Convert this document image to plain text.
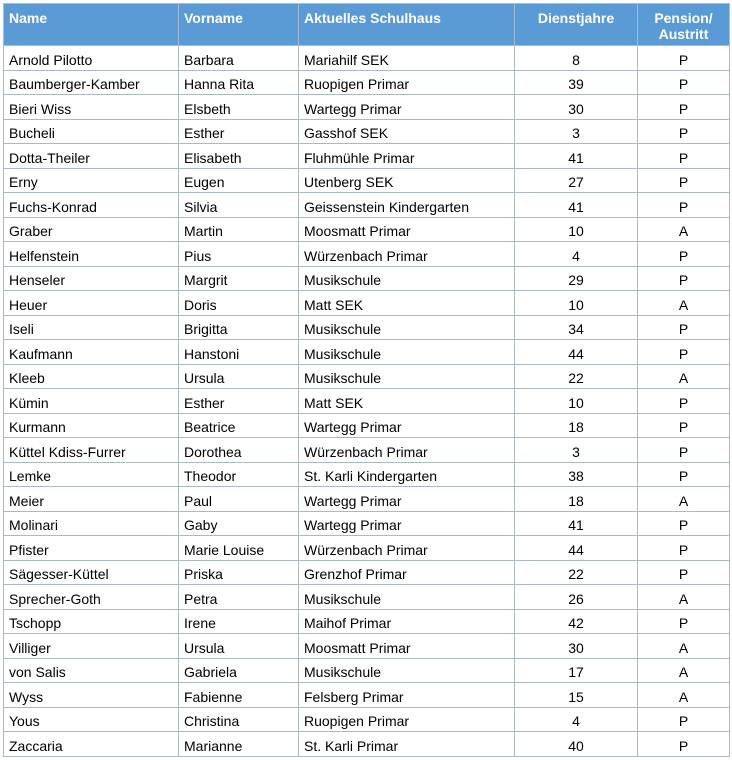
Name	Vorname	Aktuelles Schulhaus	Dienstjahre	Pension/
Austritt
Arnold Pilotto	Barbara	Mariahilf SEK	8	P
Baumberger-Kamber	Hanna Rita	Ruopigen Primar	39	P
Bieri Wiss	Elsbeth	Wartegg Primar	30	P
Bucheli	Esther	Gasshof SEK	3	P
Dotta-Theiler	Elisabeth	Fluhmühle Primar	41	P
Erny	Eugen	Utenberg SEK	27	P
Fuchs-Konrad	Silvia	Geissenstein Kindergarten	41	P
Graber	Martin	Moosmatt Primar	10	A
Helfenstein	Pius	Würzenbach Primar	4	P
Henseler	Margrit	Musikschule	29	P
Heuer	Doris	Matt SEK	10	A
Iseli	Brigitta	Musikschule	34	P
Kaufmann	Hanstoni	Musikschule	44	P
Kleeb	Ursula	Musikschule	22	A
Kümin	Esther	Matt SEK	10	P
Kurmann	Beatrice	Wartegg Primar	18	P
Küttel Kdiss-Furrer	Dorothea	Würzenbach Primar	3	P
Lemke	Theodor	St. Karli Kindergarten	38	P
Meier	Paul	Wartegg Primar	18	A
Molinari	Gaby	Wartegg Primar	41	P
Pfister	Marie Louise	Würzenbach Primar	44	P
Sägesser-Küttel	Priska	Grenzhof Primar	22	P
Sprecher-Goth	Petra	Musikschule	26	A
Tschopp	Irene	Maihof Primar	42	P
Villiger	Ursula	Moosmatt Primar	30	A
von Salis	Gabriela	Musikschule	17	A
Wyss	Fabienne	Felsberg Primar	15	A
Yous	Christina	Ruopigen Primar	4	P
Zaccaria	Marianne	St. Karli Primar	40	P
